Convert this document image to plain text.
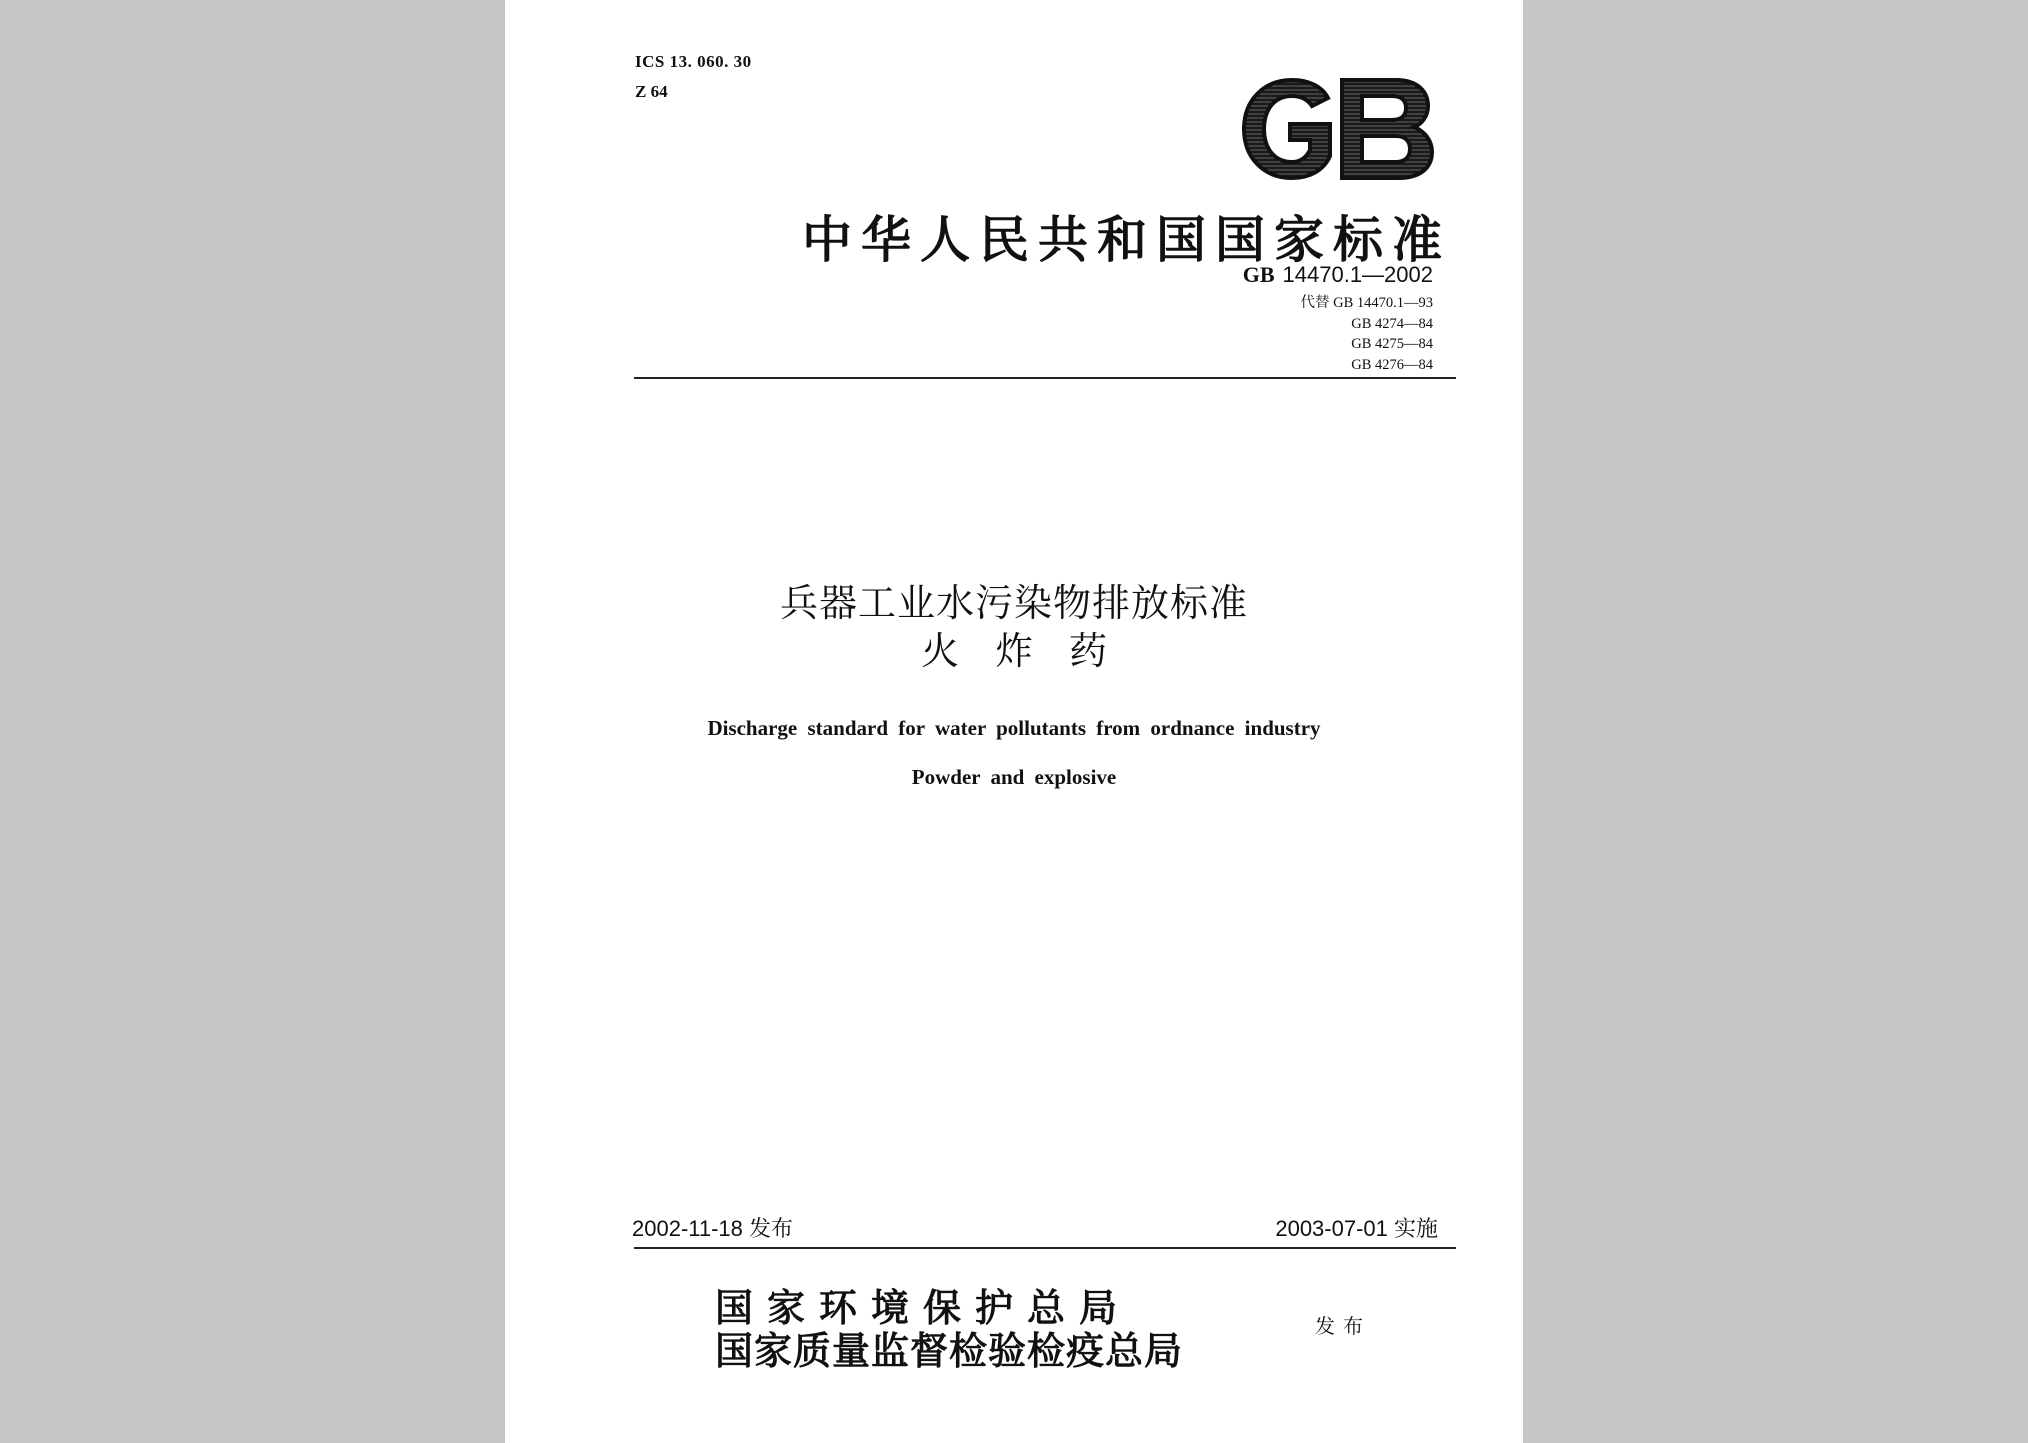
ICS 13. 060. 30
Z 64
GB
中华人民共和国国家标准
GB 14470.1—2002
代替 GB 14470.1—93
GB 4274—84
GB 4275—84
GB 4276—84
兵器工业水污染物排放标准
火炸药
Discharge standard for water pollutants from ordnance industry
Powder and explosive
2002-11-18 发布	2003-07-01 实施
国家环境保护总局
国家质量监督检验检疫总局
发布
